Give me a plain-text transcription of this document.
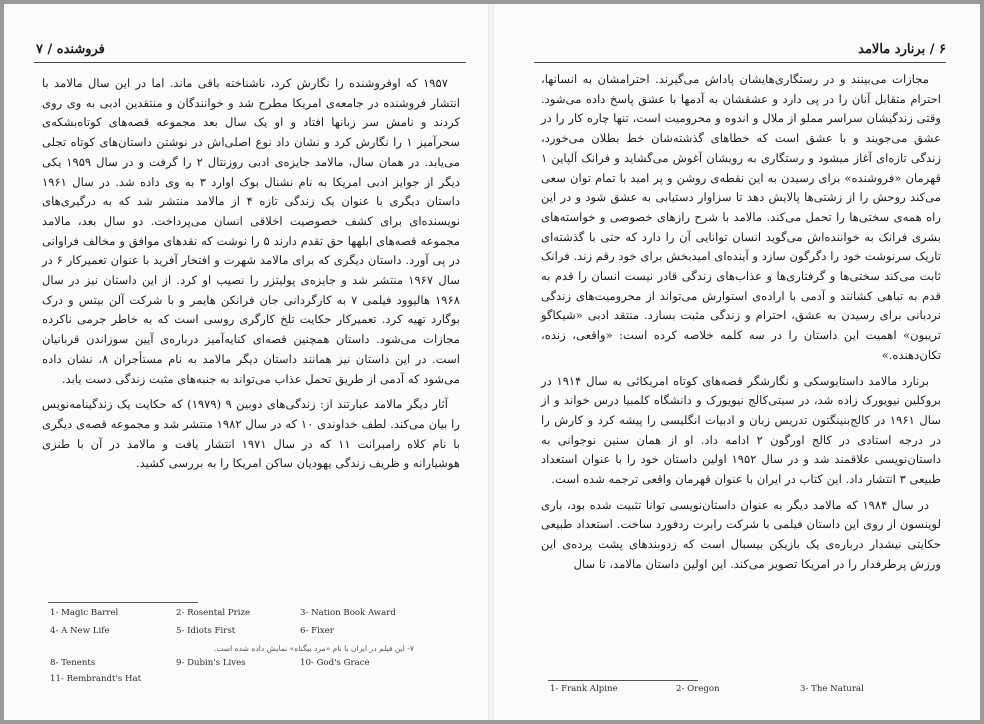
فروشنده / ۷

۱۹۵۷ که اوفروشنده را نگارش کرد، ناشناخته باقی ماند. اما در این سال مالامد با انتشار فروشنده در جامعه‌ی امریکا مطرح شد و خوانندگان و منتقدین ادبی به وی روی کردند و نامش سر زبانها افتاد و او یک سال بعد مجموعه قصه‌های کوتاه‌بشکه‌ی سحرآمیز ۱ را نگارش کرد و نشان داد نوع اصلی‌اش در نوشتن داستان‌های کوتاه تجلی می‌یابد. در همان سال، مالامد جایزه‌ی ادبی روزنتال ۲ را گرفت و در سال ۱۹۵۹ یکی دیگر از جوایز ادبی امریکا به نام نشنال بوک اوارد ۳ به وی داده شد. در سال ۱۹۶۱ داستان دیگری با عنوان یک زندگی تازه ۴ از مالامد منتشر شد که به درگیری‌های نویسنده‌ای برای کشف خصوصیت اخلاقی انسان می‌پرداخت. دو سال بعد، مالامد مجموعه قصه‌های ابلهها حق تقدم دارند ۵ را نوشت که نقدهای موافق و مخالف فراوانی در پی آورد. داستان دیگری که برای مالامد شهرت و افتخار آفرید با عنوان تعمیرکار ۶ در سال ۱۹۶۷ منتشر شد و جایزه‌ی پولیتزر را نصیب او کرد. از این داستان نیز در سال ۱۹۶۸ هالیوود فیلمی ۷ به کارگردانی جان فرانکن هایمر و با شرکت آلن بیتس و درک بوگارد تهیه کرد. تعمیرکار حکایت تلخ کارگری روسی است که به خاطر جرمی ناکرده مجازات می‌شود. داستان همچنین قصه‌ای کنایه‌آمیز درباره‌ی آیین سوزاندن قربانیان است. در این داستان نیز همانند داستان دیگر مالامد به نام مستأجران ۸، نشان داده می‌شود که آدمی از طریق تحمل عذاب می‌تواند به جنبه‌های مثبت زندگی دست یابد.

آثار دیگر مالامد عبارتند از: زندگی‌های دوبین ۹ (۱۹۷۹) که حکایت یک زندگینامه‌نویس را بیان می‌کند. لطف خداوندی ۱۰ که در سال ۱۹۸۲ منتشر شد و مجموعه قصه‌ی دیگری با نام کلاه رامبرانت ۱۱ که در سال ۱۹۷۱ انتشار یافت و مالامد در آن با طنزی هوشیارانه و ظریف زندگی یهودیان ساکن امریکا را به بررسی کشید.

1- Magic Barrel	2- Rosental Prize	3- Nation Book Award
4- A New Life	5- Idiots First	6- Fixer
۷- این فیلم در ایران با نام «مرد بیگناه» نمایش داده شده است.
8- Tenents	9- Dubin's Lives	10- God's Grace
11- Rembrandt's Hat
۶ / برنارد مالامد

مجازات می‌بینند و در رستگاری‌هایشان پاداش می‌گیرند. احترامشان به انسانها، احترام متقابل آنان را در پی دارد و عشقشان به آدمها با عشق پاسخ داده می‌شود. وقتی زندگیشان سراسر مملو از ملال و اندوه و محرومیت است، تنها چاره‌ کار را در عشق می‌جویند و با عشق است که خطاهای گذشته‌شان خط بطلان می‌خورد، زندگی تازه‌ای آغاز میشود و رستگاری به رویشان آغوش می‌گشاید و فرانک آلپاین ۱ قهرمان «فروشنده» برای رسیدن به این نقطه‌ی روشن و پر امید با تمام توان سعی می‌کند روحش را از زشتی‌ها پالایش دهد تا سزاوار دستیابی به عشق شود و در این راه همه‌ی سختی‌ها را تحمل می‌کند. مالامد با شرح رازهای خصوصی و خواسته‌های بشری فرانک به خواننده‌اش می‌گوید انسان توانایی آن را دارد که حتی با گذشته‌ای تاریک سرنوشت خود را دگرگون سازد و آینده‌ای امیدبخش برای خود رقم زند. فرانک ثابت می‌کند سختی‌ها و گرفتاری‌ها و عذاب‌های زندگی قادر نیست انسان را قدم به قدم به تباهی کشانند و آدمی با اراده‌ی استوارش می‌تواند از محرومیت‌های زندگی نردبانی برای رسیدن به عشق، احترام و زندگی مثبت بسازد. منتقد ادبی «شیکاگو تریبون» اهمیت این داستان را در سه کلمه خلاصه کرده است: «واقعی، زنده، تکان‌دهنده.»

برنارد مالامد داستایوسکی و نگارشگر قصه‌های کوتاه امریکائی به سال ۱۹۱۴ در بروکلین نیویورک زاده شد، در سیتی‌کالج نیویورک و دانشگاه کلمبیا درس خواند و از سال ۱۹۶۱ در کالج‌بنینگتون تدریس زبان و ادبیات انگلیسی را پیشه کرد و کارش را در درجه استادی در کالج اورگون ۲ ادامه داد. او از همان سنین نوجوانی به داستان‌نویسی علاقمند شد و در سال ۱۹۵۲ اولین داستان خود را با عنوان استعداد طبیعی ۳ انتشار داد. این کتاب در ایران با عنوان قهرمان واقعی ترجمه شده است.

در سال ۱۹۸۴ که مالامد دیگر به عنوان داستان‌نویسی توانا تثبیت شده بود، باری لوینسون از روی این داستان فیلمی با شرکت رابرت ردفورد ساخت. استعداد طبیعی حکایتی نیشدار درباره‌ی یک بازیکن بیسبال است که زدوبندهای پشت پرده‌ی این ورزش پرطرفدار را در امریکا تصویر می‌کند. این اولین داستان مالامد، تا سال

1- Frank Alpine	2- Oregon	3- The Natural
